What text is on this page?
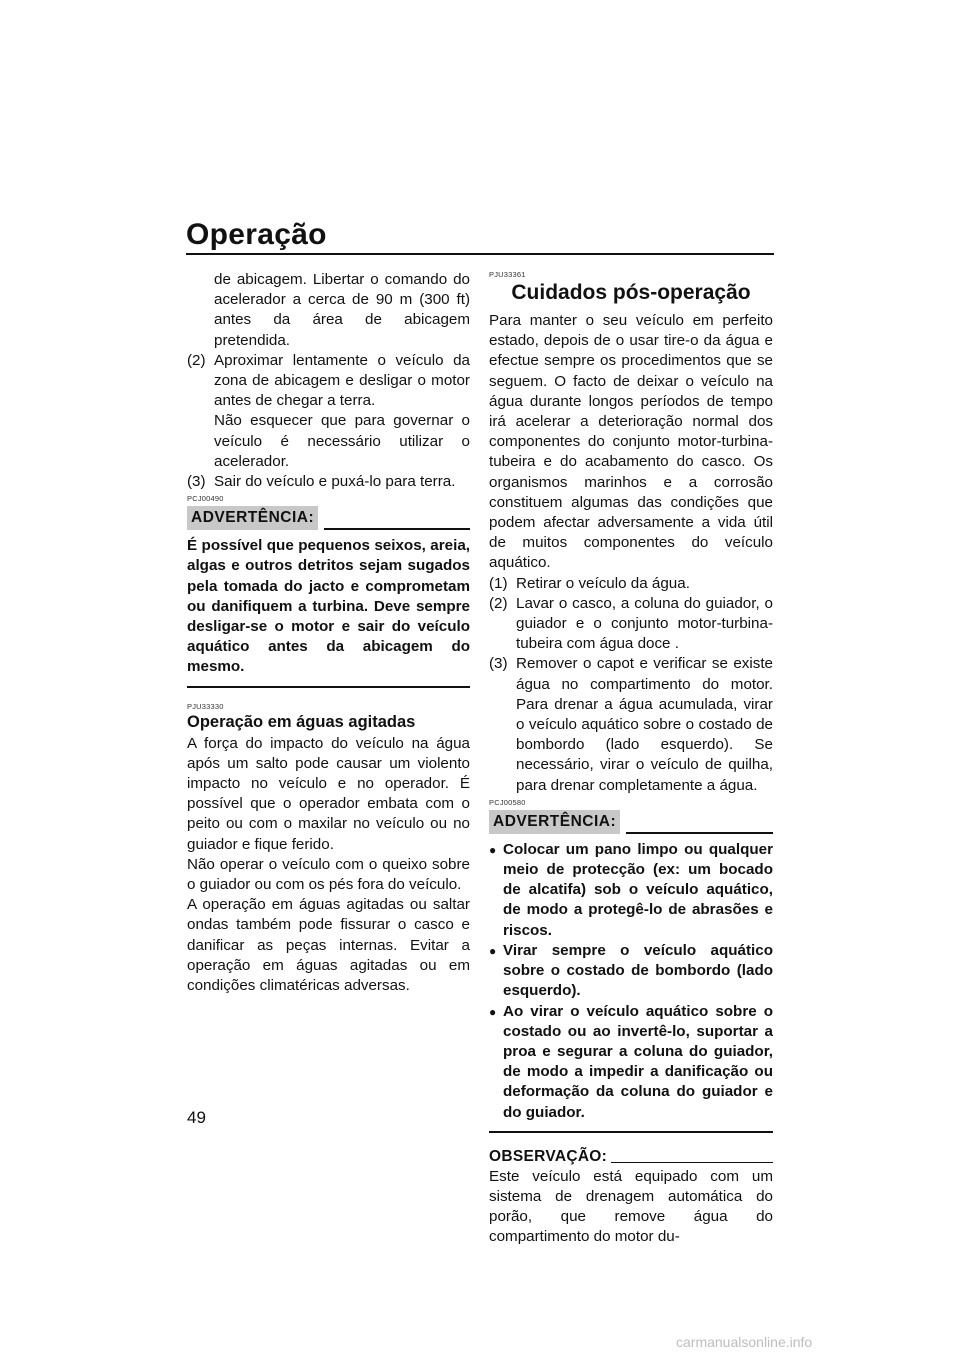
Operação

de abicagem. Libertar o comando do acelerador a cerca de 90 m (300 ft) antes da área de abicagem pretendida.

(2) Aproximar lentamente o veículo da zona de abicagem e desligar o motor antes de chegar a terra.

Não esquecer que para governar o veículo é necessário utilizar o acelerador.

(3) Sair do veículo e puxá-lo para terra.

PCJ00490
ADVERTÊNCIA:

É possível que pequenos seixos, areia, algas e outros detritos sejam sugados pela tomada do jacto e comprometam ou danifiquem a turbina. Deve sempre desligar-se o motor e sair do veículo aquático antes da abicagem do mesmo.

PJU33330
Operação em águas agitadas

A força do impacto do veículo na água após um salto pode causar um violento impacto no veículo e no operador. É possível que o operador embata com o peito ou com o maxilar no veículo ou no guiador e fique ferido.

Não operar o veículo com o queixo sobre o guiador ou com os pés fora do veículo.

A operação em águas agitadas ou saltar ondas também pode fissurar o casco e danificar as peças internas. Evitar a operação em águas agitadas ou em condições climatéricas adversas.

PJU33361
Cuidados pós-operação

Para manter o seu veículo em perfeito estado, depois de o usar tire-o da água e efectue sempre os procedimentos que se seguem. O facto de deixar o veículo na água durante longos períodos de tempo irá acelerar a deterioração normal dos componentes do conjunto motor-turbina-tubeira e do acabamento do casco. Os organismos marinhos e a corrosão constituem algumas das condições que podem afectar adversamente a vida útil de muitos componentes do veículo aquático.

(1) Retirar o veículo da água.

(2) Lavar o casco, a coluna do guiador, o guiador e o conjunto motor-turbina-tubeira com água doce .

(3) Remover o capot e verificar se existe água no compartimento do motor. Para drenar a água acumulada, virar o veículo aquático sobre o costado de bombordo (lado esquerdo). Se necessário, virar o veículo de quilha, para drenar completamente a água.

PCJ00580
ADVERTÊNCIA:
● Colocar um pano limpo ou qualquer meio de protecção (ex: um bocado de alcatifa) sob o veículo aquático, de modo a protegê-lo de abrasões e riscos.
● Virar sempre o veículo aquático sobre o costado de bombordo (lado esquerdo).
● Ao virar o veículo aquático sobre o costado ou ao invertê-lo, suportar a proa e segurar a coluna do guiador, de modo a impedir a danificação ou deformação da coluna do guiador e do guiador.
OBSERVAÇÃO:

Este veículo está equipado com um sistema de drenagem automática do porão, que remove água do compartimento do motor du-

49
carmanualsonline.info
